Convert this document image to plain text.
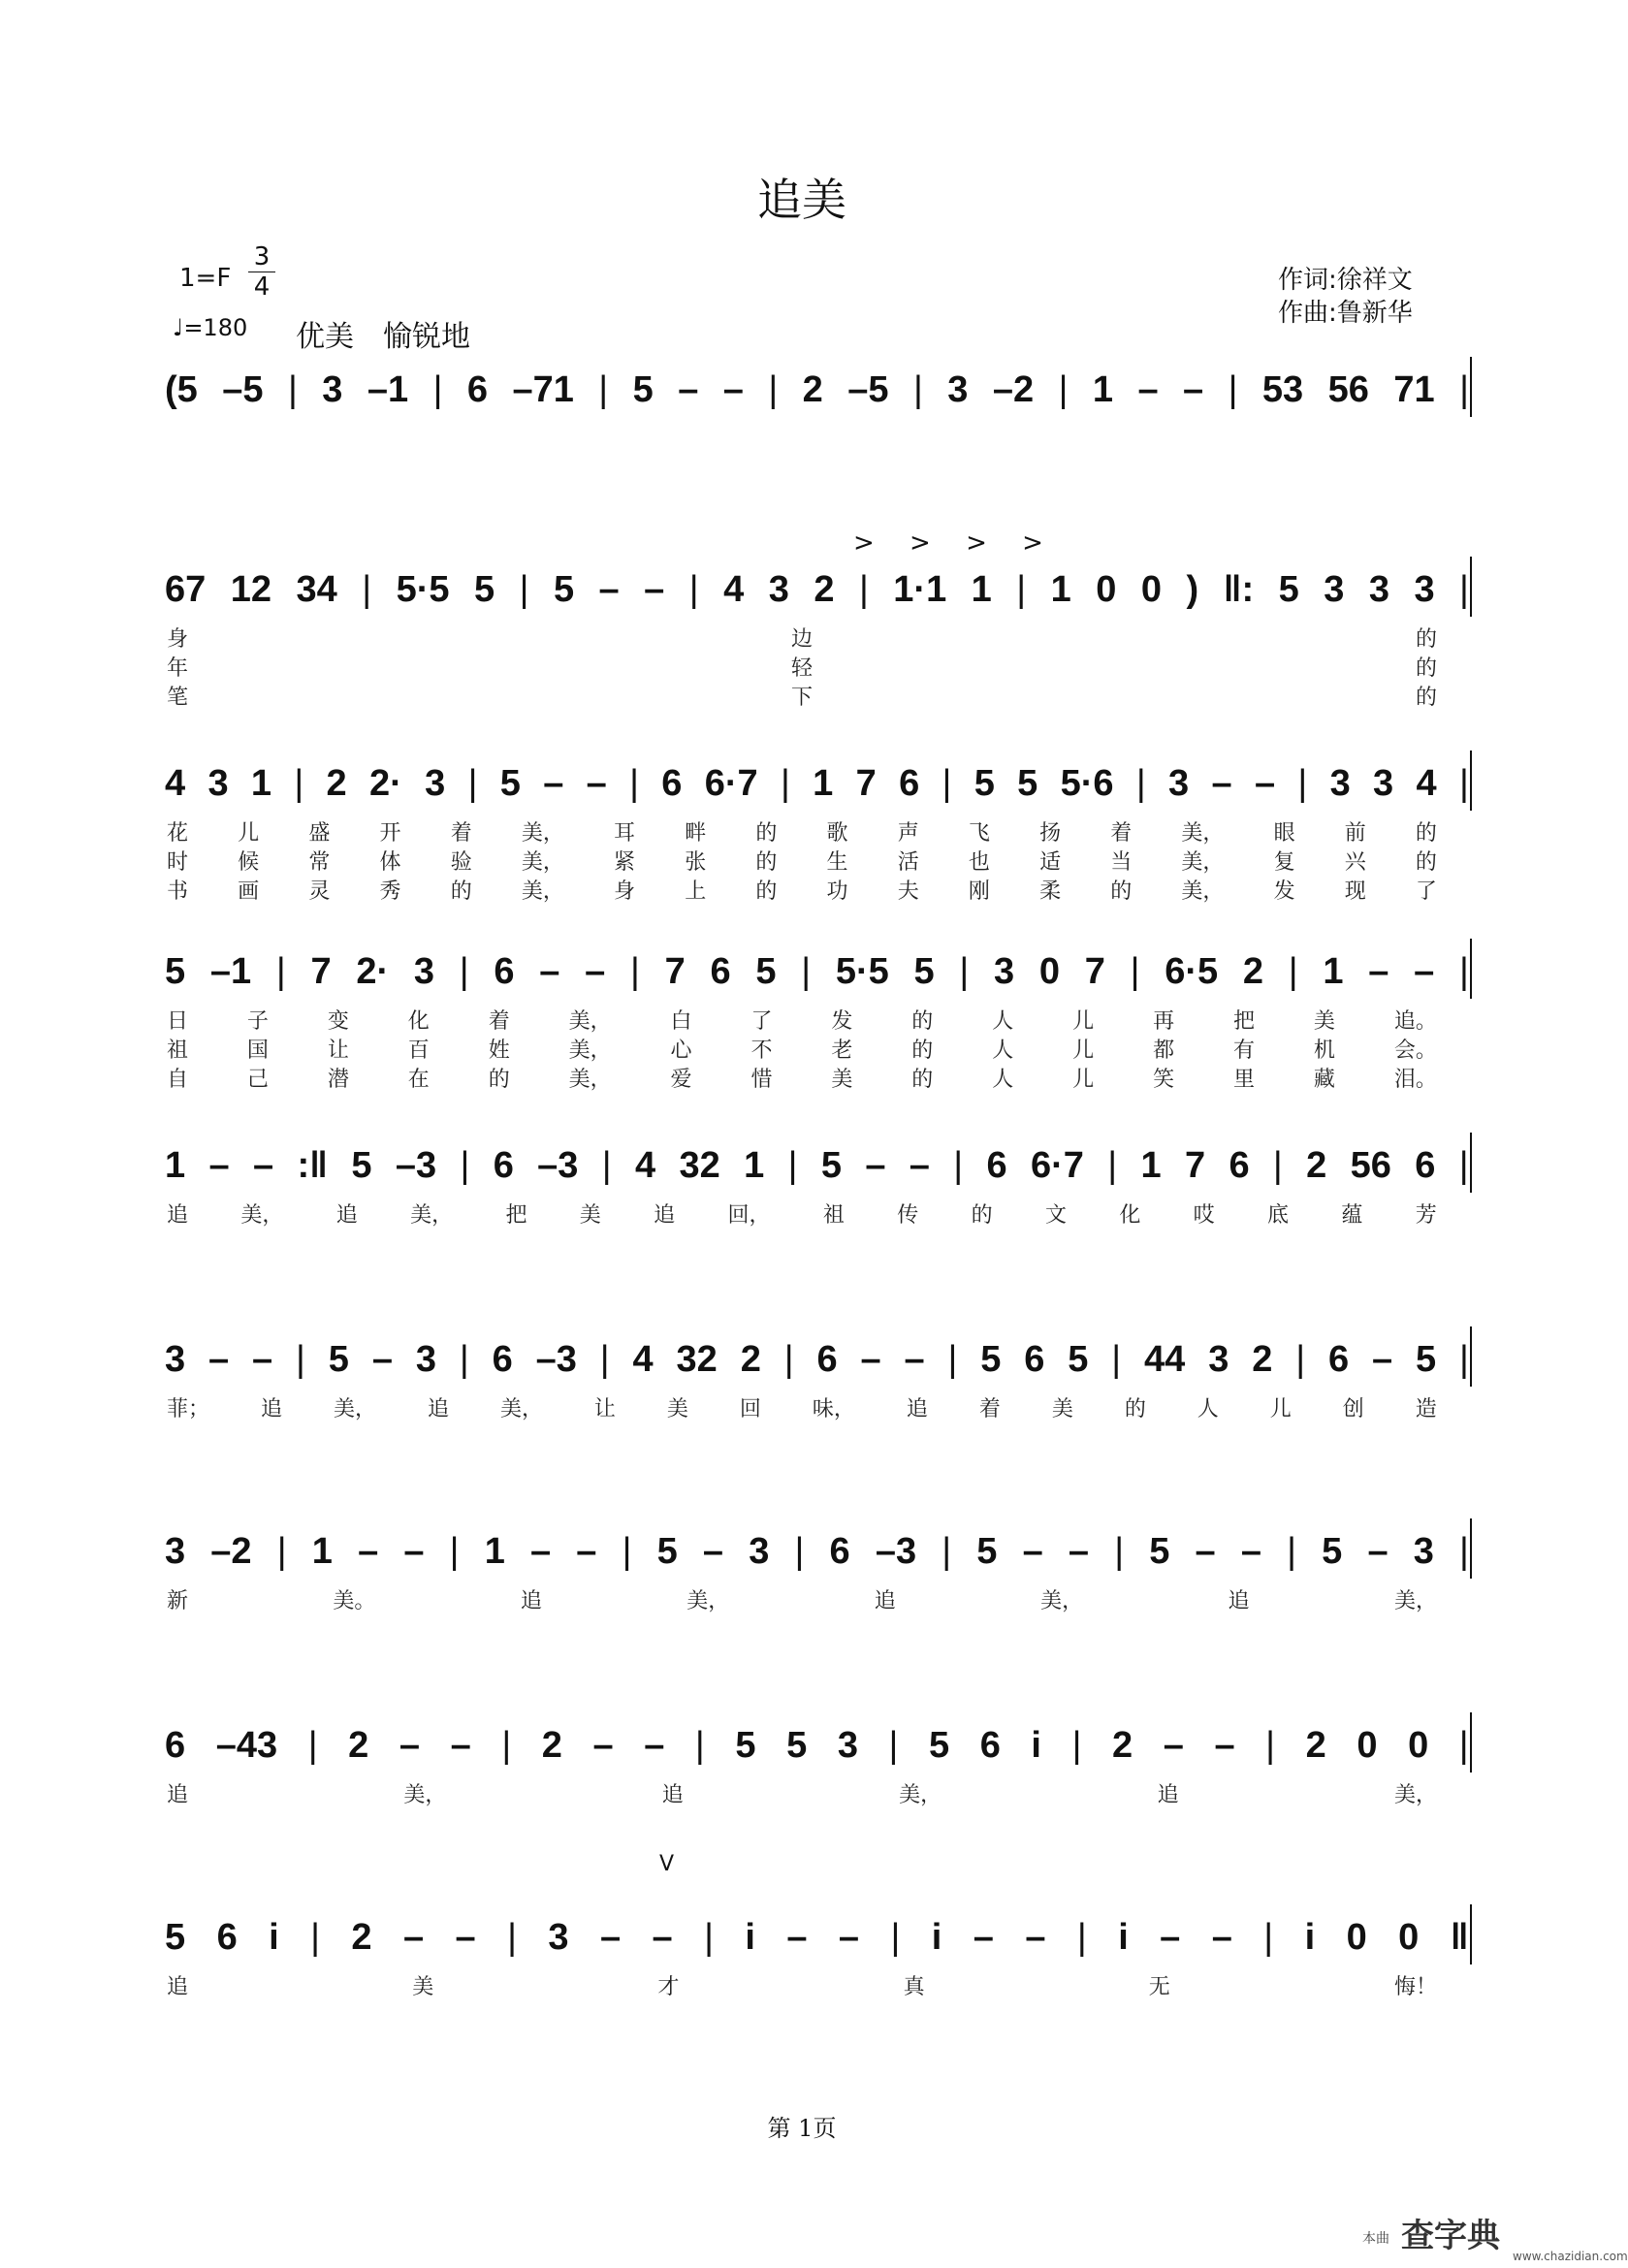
追美
1=F
3
4
♩=180 优美　愉锐地
作词:徐祥文
作曲:鲁新华
> > > >
V
(5 –5 | 3 –1 | 6 –71 | 5 – – | 2 –5 | 3 –2 | 1 – – | 53 56 71 |
67 12 34 | 5·5 5 | 5 – – | 4 3 2 | 1·1 1 | 1 0 0 ) ‖: 5 3 3 3 |
身	边	的
年	轻	的
笔	下	的
4 3 1 | 2 2· 3 | 5 – – | 6 6·7 | 1 7 6 | 5 5 5·6 | 3 – – | 3 3 4 |
花 儿 盛 开 着 美， 耳 畔 的 歌 声 飞 扬 着 美， 眼 前 的
时 候 常 体 验 美， 紧 张 的 生 活 也 适 当 美， 复 兴 的
书 画 灵 秀 的 美， 身 上 的 功 夫 刚 柔 的 美， 发 现 了
5 –1 | 7 2· 3 | 6 – – | 7 6 5 | 5·5 5 | 3 0 7 | 6·5 2 | 1 – – |
日	子	变	化	着	美，	白	了	发	的	人	儿	再	把	美	追。
祖	国	让	百	姓	美，	心	不	老	的	人	儿	都	有	机	会。
自	己	潜	在	的	美，	爱	惜	美	的	人	儿	笑	里	藏	泪。
1 – – :‖ 5 –3 | 6 –3 | 4 32 1 | 5 – – | 6 6·7 | 1 7 6 | 2 56 6 |
追 美， 追 美， 把 美 追 回， 祖 传 的 文 化 哎 底 蕴 芳
3 – – | 5 – 3 | 6 –3 | 4 32 2 | 6 – – | 5 6 5 | 44 3 2 | 6 – 5 |
菲； 追 美， 追 美， 让 美 回 味， 追 着 美 的 人 儿 创 造
3 –2 | 1 – – | 1 – – | 5 – 3 | 6 –3 | 5 – – | 5 – – | 5 – 3 |
新	美。	追	美，	追	美，	追	美，
6 –43 | 2 – – | 2 – – | 5 5 3 | 5 6 i | 2 – – | 2 0 0 |
追	美，	追	美，	追	美，
5 6 i | 2 – – | 3 – – | i – – | i – – | i – – | i 0 0 ‖
追	美	才	真	无	悔！
第 1页
查字典
www.chazidian.com
本曲
